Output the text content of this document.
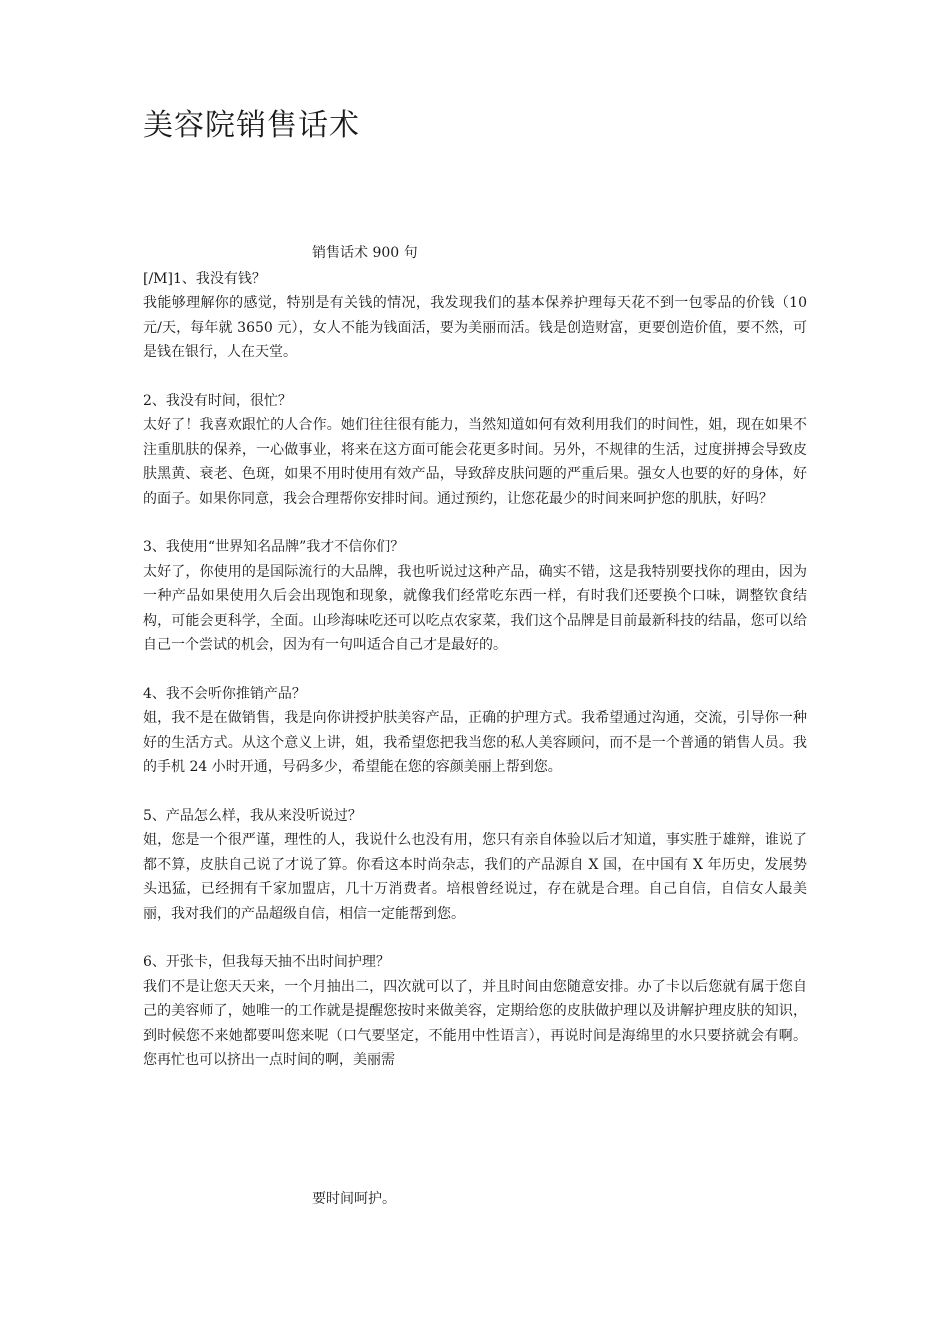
美容院销售话术
销售话术 900 句
[/M]1、我没有钱？
我能够理解你的感觉，特别是有关钱的情况，我发现我们的基本保养护理每天花不到一包零品的价钱（10 元/天，每年就 3650 元），女人不能为钱面活，要为美丽而活。钱是创造财富，更要创造价值，要不然，可是钱在银行，人在天堂。
2、我没有时间，很忙？
太好了！我喜欢跟忙的人合作。她们往往很有能力，当然知道如何有效利用我们的时间性，姐，现在如果不注重肌肤的保养，一心做事业，将来在这方面可能会花更多时间。另外，不规律的生活，过度拼搏会导致皮肤黑黄、衰老、色斑，如果不用时使用有效产品，导致辞皮肤问题的严重后果。强女人也要的好的身体，好的面子。如果你同意，我会合理帮你安排时间。通过预约，让您花最少的时间来呵护您的肌肤，好吗？
3、我使用“世界知名品牌”我才不信你们？
太好了，你使用的是国际流行的大品牌，我也听说过这种产品，确实不错，这是我特别要找你的理由，因为一种产品如果使用久后会出现饱和现象，就像我们经常吃东西一样，有时我们还要换个口味，调整钦食结构，可能会更科学，全面。山珍海味吃还可以吃点农家菜，我们这个品牌是目前最新科技的结晶，您可以给自己一个尝试的机会，因为有一句叫适合自己才是最好的。
4、我不会听你推销产品？
姐，我不是在做销售，我是向你讲授护肤美容产品，正确的护理方式。我希望通过沟通，交流，引导你一种好的生活方式。从这个意义上讲，姐，我希望您把我当您的私人美容顾问，而不是一个普通的销售人员。我的手机 24 小时开通，号码多少，希望能在您的容颜美丽上帮到您。
5、产品怎么样，我从来没听说过？
姐，您是一个很严谨，理性的人，我说什么也没有用，您只有亲自体验以后才知道，事实胜于雄辩，谁说了都不算，皮肤自己说了才说了算。你看这本时尚杂志，我们的产品源自 X 国，在中国有 X 年历史，发展势头迅猛，已经拥有千家加盟店，几十万消费者。培根曾经说过，存在就是合理。自己自信，自信女人最美丽，我对我们的产品超级自信，相信一定能帮到您。
6、开张卡，但我每天抽不出时间护理？
我们不是让您天天来，一个月抽出二，四次就可以了，并且时间由您随意安排。办了卡以后您就有属于您自己的美容师了，她唯一的工作就是提醒您按时来做美容，定期给您的皮肤做护理以及讲解护理皮肤的知识，到时候您不来她都要叫您来呢（口气要坚定，不能用中性语言），再说时间是海绵里的水只要挤就会有啊。您再忙也可以挤出一点时间的啊，美丽需
要时间呵护。
